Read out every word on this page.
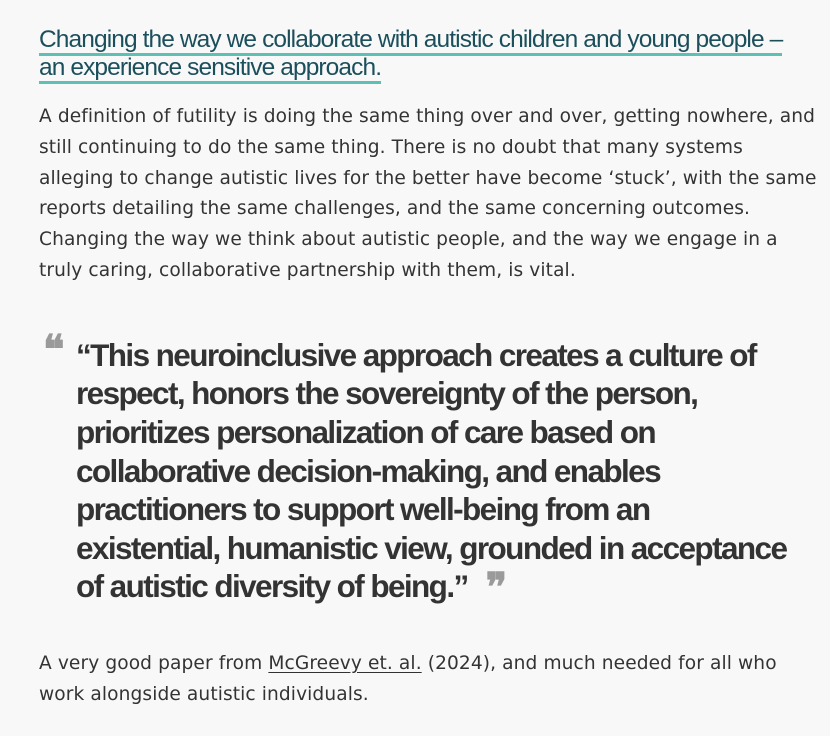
Changing the way we collaborate with autistic children and young people – an experience sensitive approach.

A definition of futility is doing the same thing over and over, getting nowhere, and still continuing to do the same thing. There is no doubt that many systems alleging to change autistic lives for the better have become ‘stuck’, with the same reports detailing the same challenges, and the same concerning outcomes. Changing the way we think about autistic people, and the way we engage in a truly caring, collaborative partnership with them, is vital.

❝ “This neuroinclusive approach creates a culture of respect, honors the sovereignty of the person, prioritizes personalization of care based on collaborative decision-making, and enables practitioners to support well-being from an existential, humanistic view, grounded in acceptance of autistic diversity of being.” ❞

A very good paper from McGreevy et. al. (2024), and much needed for all who work alongside autistic individuals.
